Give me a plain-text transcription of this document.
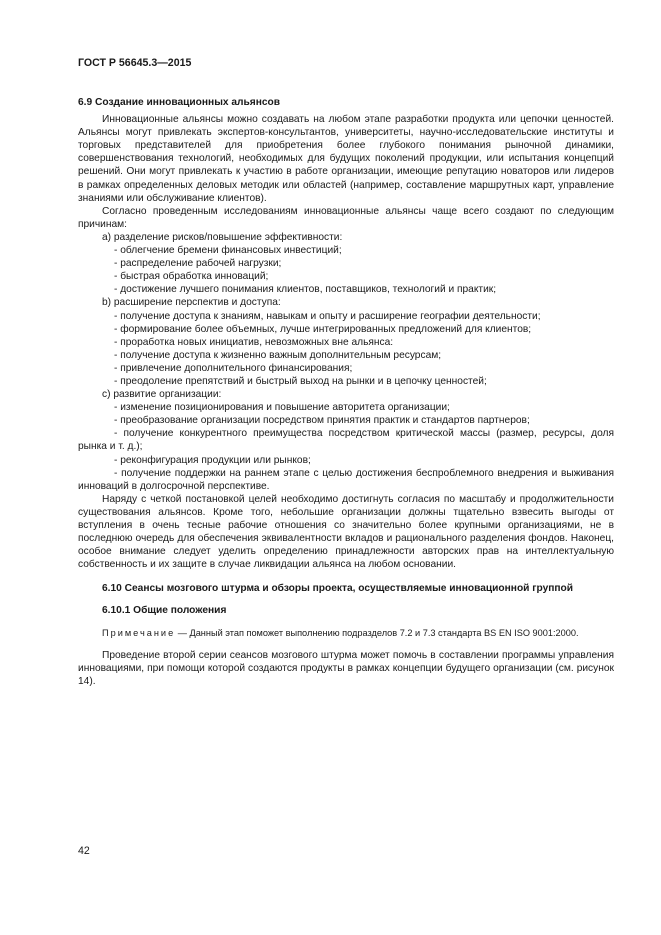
ГОСТ Р 56645.3—2015

6.9 Создание инновационных альянсов

Инновационные альянсы можно создавать на любом этапе разработки продукта или цепочки ценностей. Альянсы могут привлекать экспертов-консультантов, университеты, научно-исследовательские институты и торговых представителей для приобретения более глубокого понимания рыночной динамики, совершенствования технологий, необходимых для будущих поколений продукции, или испытания концепций решений. Они могут привлекать к участию в работе организации, имеющие репутацию новаторов или лидеров в рамках определенных деловых методик или областей (например, составление маршрутных карт, управление знаниями или обслуживание клиентов).

Согласно проведенным исследованиям инновационные альянсы чаще всего создают по следующим причинам:

a) разделение рисков/повышение эффективности:

- облегчение бремени финансовых инвестиций;

- распределение рабочей нагрузки;

- быстрая обработка инноваций;

- достижение лучшего понимания клиентов, поставщиков, технологий и практик;

b) расширение перспектив и доступа:

- получение доступа к знаниям, навыкам и опыту и расширение географии деятельности;

- формирование более объемных, лучше интегрированных предложений для клиентов;

- проработка новых инициатив, невозможных вне альянса:

- получение доступа к жизненно важным дополнительным ресурсам;

- привлечение дополнительного финансирования;

- преодоление препятствий и быстрый выход на рынки и в цепочку ценностей;

c) развитие организации:

- изменение позиционирования и повышение авторитета организации;

- преобразование организации посредством принятия практик и стандартов партнеров;

- получение конкурентного преимущества посредством критической массы (размер, ресурсы, доля рынка и т. д.);

- реконфигурация продукции или рынков;

- получение поддержки на раннем этапе с целью достижения беспроблемного внедрения и выживания инноваций в долгосрочной перспективе.

Наряду с четкой постановкой целей необходимо достигнуть согласия по масштабу и продолжительности существования альянсов. Кроме того, небольшие организации должны тщательно взвесить выгоды от вступления в очень тесные рабочие отношения со значительно более крупными организациями, не в последнюю очередь для обеспечения эквивалентности вкладов и рационального разделения фондов. Наконец, особое внимание следует уделить определению принадлежности авторских прав на интеллектуальную собственность и их защите в случае ликвидации альянса на любом основании.

6.10 Сеансы мозгового штурма и обзоры проекта, осуществляемые инновационной группой

6.10.1 Общие положения

Примечание — Данный этап поможет выполнению подразделов 7.2 и 7.3 стандарта BS EN ISO 9001:2000.

Проведение второй серии сеансов мозгового штурма может помочь в составлении программы управления инновациями, при помощи которой создаются продукты в рамках концепции будущего организации (см. рисунок 14).

42
